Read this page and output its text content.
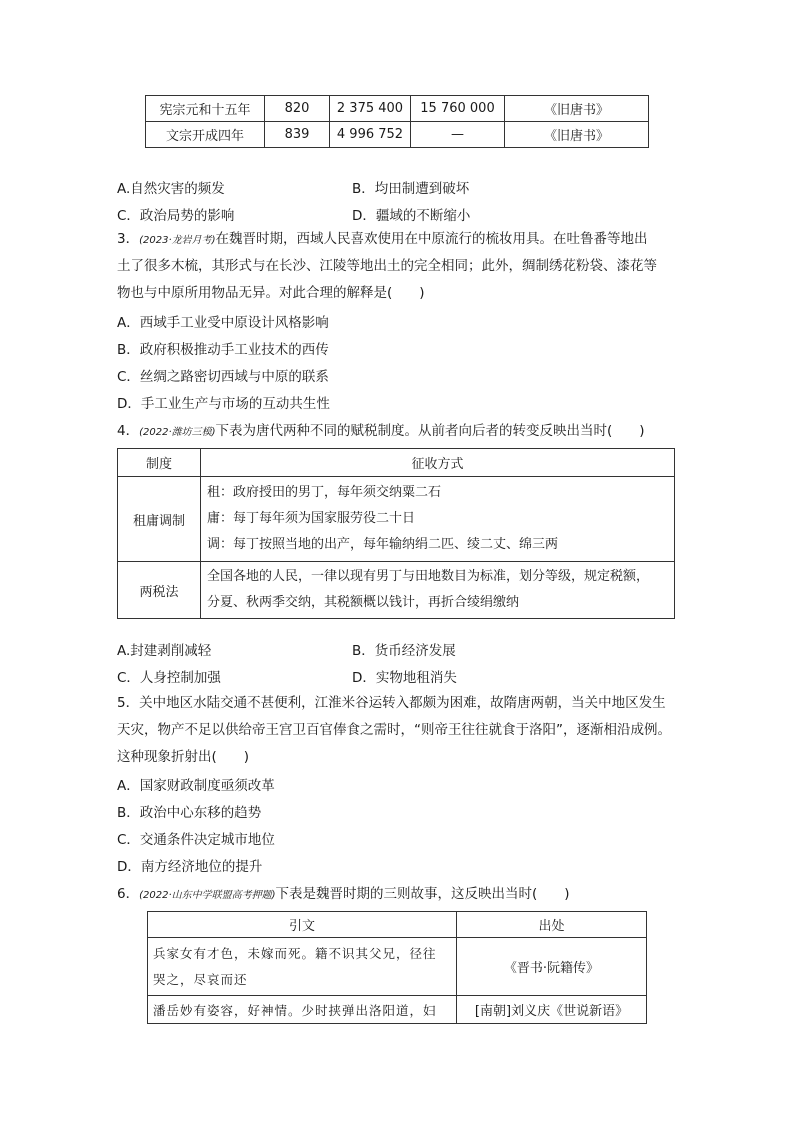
宪宗元和十五年	820	2 375 400	15 760 000	《旧唐书》
文宗开成四年	839	4 996 752	—	《旧唐书》
A.自然灾害的频发	B．均田制遭到破坏
C．政治局势的影响	D．疆域的不断缩小
3．(2023·龙岩月考)在魏晋时期，西域人民喜欢使用在中原流行的梳妆用具。在吐鲁番等地出
土了很多木梳，其形式与在长沙、江陵等地出土的完全相同；此外，绸制绣花粉袋、漆花等
物也与中原所用物品无异。对此合理的解释是(　　)
A．西域手工业受中原设计风格影响
B．政府积极推动手工业技术的西传
C．丝绸之路密切西域与中原的联系
D．手工业生产与市场的互动共生性
4．(2022·潍坊三模)下表为唐代两种不同的赋税制度。从前者向后者的转变反映出当时(　　)
制度	征收方式
租庸调制	租：政府授田的男丁，每年须交纳粟二石
庸：每丁每年须为国家服劳役二十日
调：每丁按照当地的出产，每年输纳绢二匹、绫二丈、绵三两

两税法	全国各地的人民，一律以现有男丁与田地数目为标准，划分等级，规定税额，
分夏、秋两季交纳，其税额概以钱计，再折合绫绢缴纳
A.封建剥削减轻	B．货币经济发展
C．人身控制加强	D．实物地租消失
5．关中地区水陆交通不甚便利，江淮米谷运转入都颇为困难，故隋唐两朝，当关中地区发生
天灾，物产不足以供给帝王宫卫百官俸食之需时，“则帝王往往就食于洛阳”，逐渐相沿成例。
这种现象折射出(　　)
A．国家财政制度亟须改革
B．政治中心东移的趋势
C．交通条件决定城市地位
D．南方经济地位的提升
6．(2022·山东中学联盟高考押题)下表是魏晋时期的三则故事，这反映出当时(　　)
引文	出处

兵家女有才色，未嫁而死。籍不识其父兄，径往
哭之，尽哀而还	《晋书·阮籍传》
潘岳妙有姿容，好神情。少时挟弹出洛阳道，妇	[南朝]刘义庆《世说新语》
